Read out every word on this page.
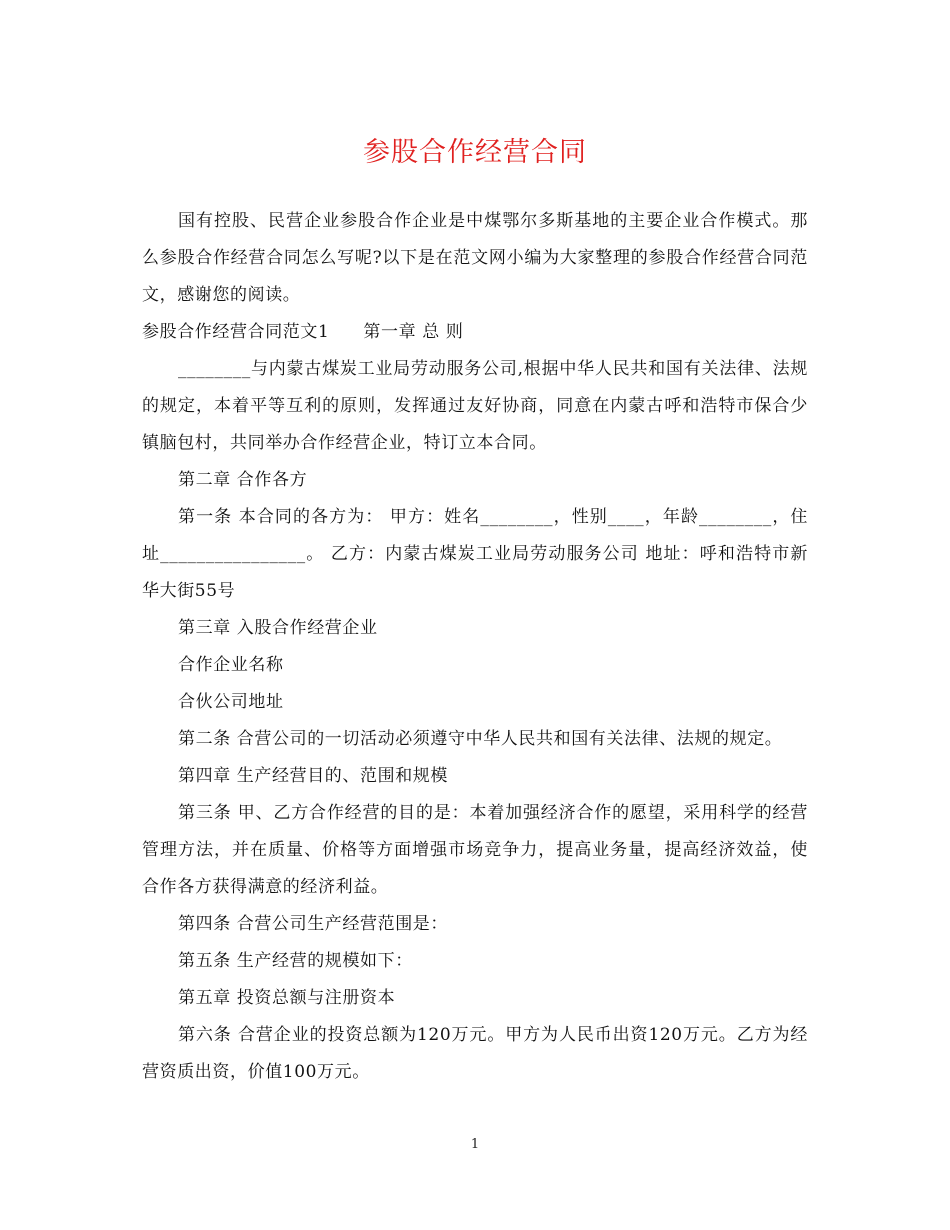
参股合作经营合同

国有控股、民营企业参股合作企业是中煤鄂尔多斯基地的主要企业合作模式。那么参股合作经营合同怎么写呢?以下是在范文网小编为大家整理的参股合作经营合同范文，感谢您的阅读。

参股合作经营合同范文1 第一章 总 则

________与内蒙古煤炭工业局劳动服务公司,根据中华人民共和国有关法律、法规的规定，本着平等互利的原则，发挥通过友好协商，同意在内蒙古呼和浩特市保合少镇脑包村，共同举办合作经营企业，特订立本合同。

第二章 合作各方

第一条 本合同的各方为： 甲方：姓名________，性别____，年龄________，住址________________。 乙方：内蒙古煤炭工业局劳动服务公司 地址：呼和浩特市新华大街55号

第三章 入股合作经营企业

合作企业名称

合伙公司地址

第二条 合营公司的一切活动必须遵守中华人民共和国有关法律、法规的规定。

第四章 生产经营目的、范围和规模

第三条 甲、乙方合作经营的目的是：本着加强经济合作的愿望，采用科学的经营管理方法，并在质量、价格等方面增强市场竞争力，提高业务量，提高经济效益，使合作各方获得满意的经济利益。

第四条 合营公司生产经营范围是：

第五条 生产经营的规模如下：

第五章 投资总额与注册资本

第六条 合营企业的投资总额为120万元。甲方为人民币出资120万元。乙方为经营资质出资，价值100万元。

1
